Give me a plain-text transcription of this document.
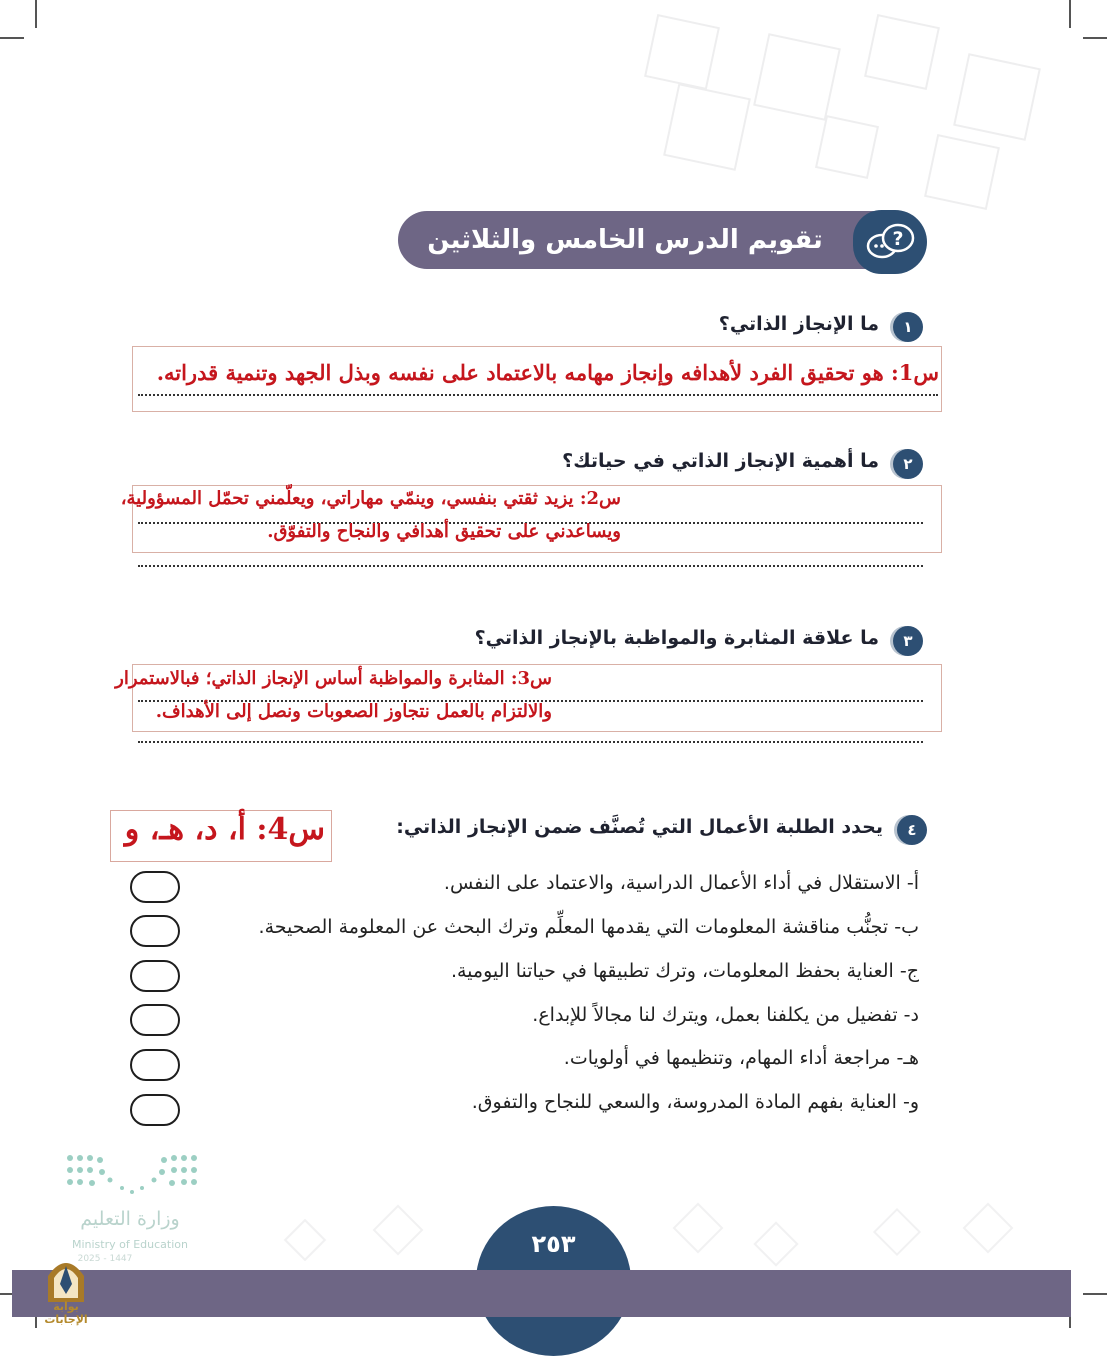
تقويم الدرس الخامس والثلاثين	?
١
ما الإنجاز الذاتي؟
س1: هو تحقيق الفرد لأهدافه وإنجاز مهامه بالاعتماد على نفسه وبذل الجهد وتنمية قدراته.
٢
ما أهمية الإنجاز الذاتي في حياتك؟
س2: يزيد ثقتي بنفسي، وينمّي مهاراتي، ويعلّمني تحمّل المسؤولية،
ويساعدني على تحقيق أهدافي والنجاح والتفوّق.
٣
ما علاقة المثابرة والمواظبة بالإنجاز الذاتي؟
س3: المثابرة والمواظبة أساس الإنجاز الذاتي؛ فبالاستمرار
والالتزام بالعمل نتجاوز الصعوبات ونصل إلى الأهداف.
٤
يحدد الطلبة الأعمال التي تُصنَّف ضمن الإنجاز الذاتي:
س4: أ، د، هـ، و
أ- الاستقلال في أداء الأعمال الدراسية، والاعتماد على النفس.
ب- تجنُّب مناقشة المعلومات التي يقدمها المعلِّم وترك البحث عن المعلومة الصحيحة.
ج- العناية بحفظ المعلومات، وترك تطبيقها في حياتنا اليومية.
د- تفضيل من يكلفنا بعمل، ويترك لنا مجالاً للإبداع.
هـ- مراجعة أداء المهام، وتنظيمها في أولويات.
و- العناية بفهم المادة المدروسة، والسعي للنجاح والتفوق.
وزارة التعليم
Ministry of Education
2025 - 1447
٢٥٣
بوابة الإجابات
